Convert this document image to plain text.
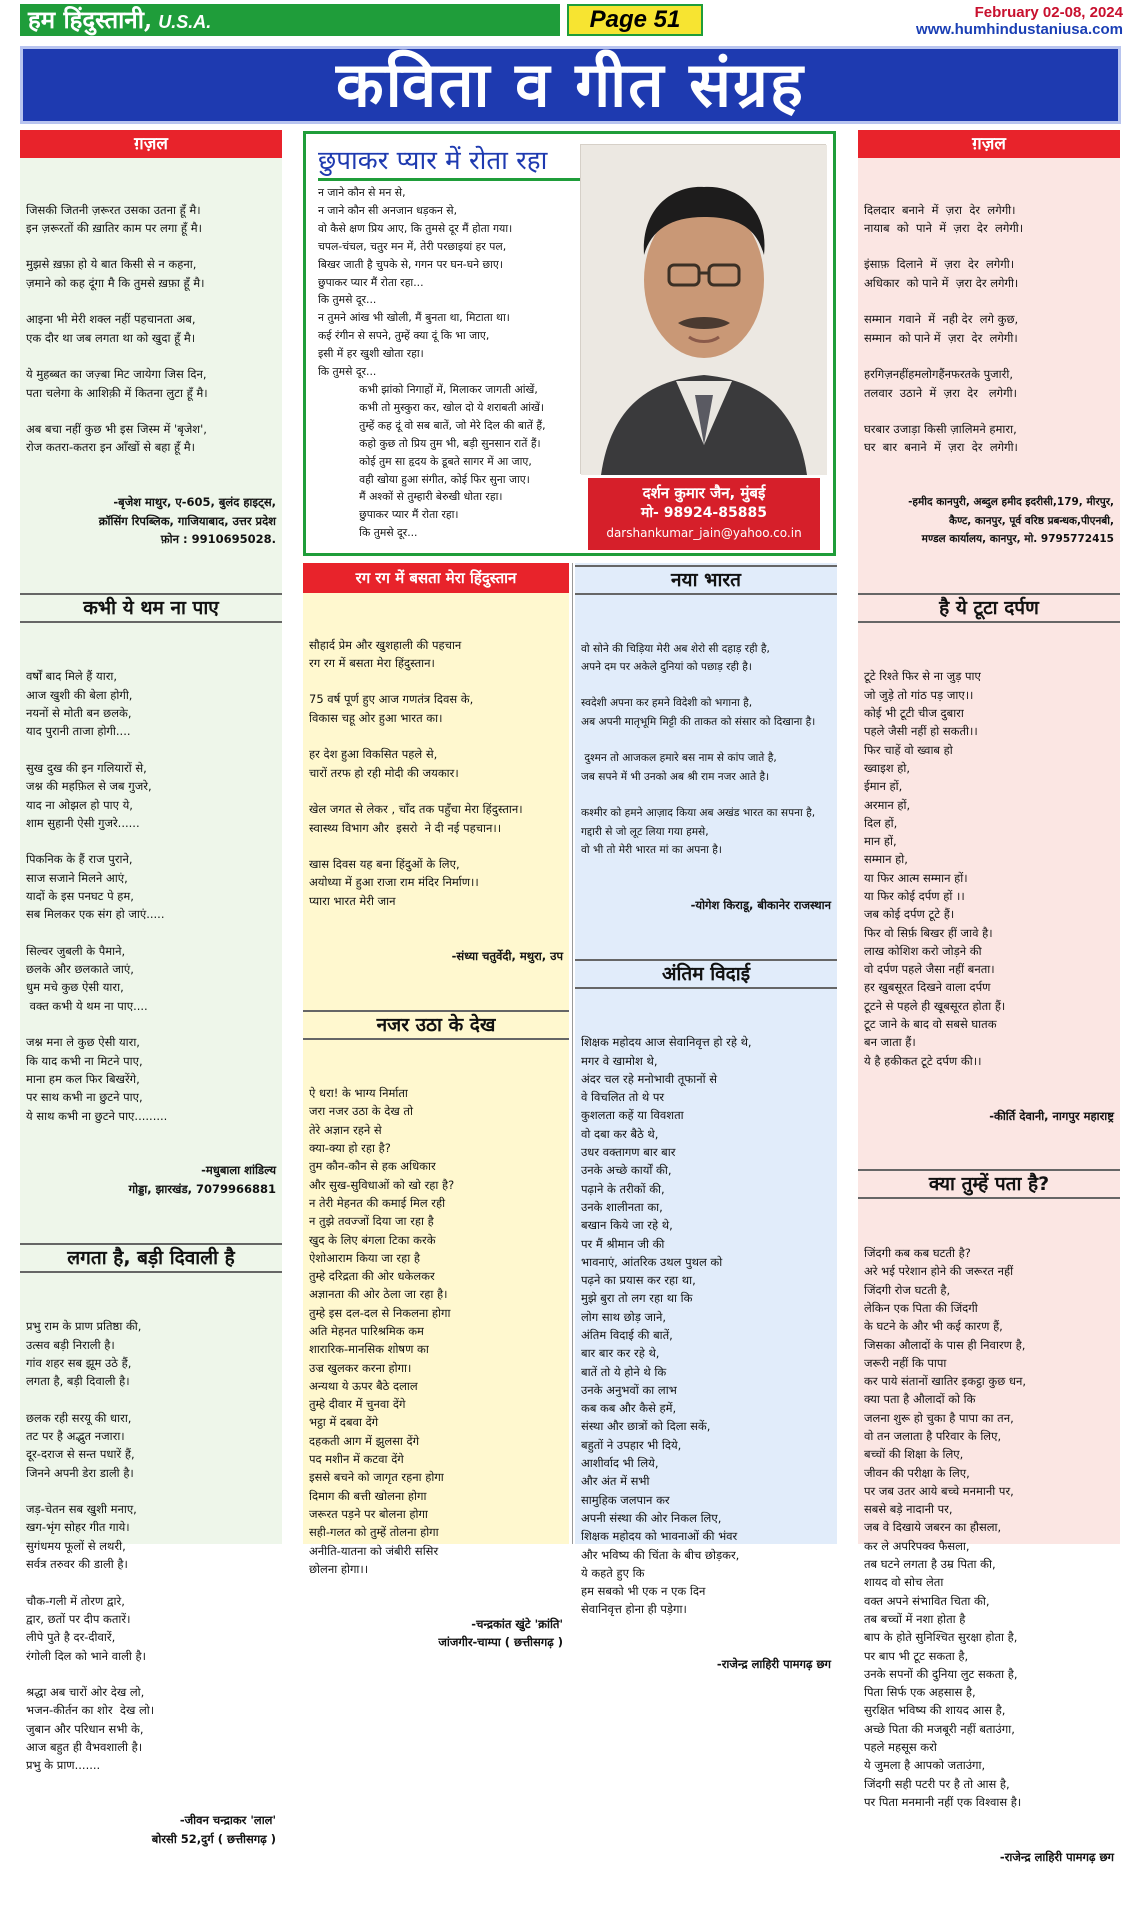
हम हिंदुस्तानी, U.S.A.	Page 51	February 02-08, 2024
www.humhindustaniusa.com
कविता व गीत संग्रह
ग़ज़ल

जिसकी जितनी ज़रूरत उसका उतना हूँ मै।
इन ज़रूरतों की ख़ातिर काम पर लगा हूँ मै।

मुझसे ख़फ़ा हो ये बात किसी से न कहना,
ज़माने को कह दूंगा मै कि तुमसे ख़फ़ा हूँ मै।

आइना भी मेरी शक्ल नहीं पहचानता अब,
एक दौर था जब लगता था को खुदा हूँ मै।

ये मुहब्बत का जज़्बा मिट जायेगा जिस दिन,
पता चलेगा के आशिक़ी में कितना लुटा हूँ मै।

अब बचा नहीं कुछ भी इस जिस्म में 'बृजेश',
रोज कतरा-कतरा इन आँखों से बहा हूँ मै।

-बृजेश माथुर, ए-605, बुलंद हाइट्स,
क्रॉसिंग रिपब्लिक, गाजियाबाद, उत्तर प्रदेश
फ़ोन : 9910695028.

कभी ये थम ना पाए

वर्षों बाद मिले हैं यारा,
आज खुशी की बेला होगी,
नयनों से मोती बन छलके,
याद पुरानी ताजा होगी....

सुख दुख की इन गलियारों से,
जश्न की महफ़िल से जब गुजरे,
याद ना ओझल हो पाए ये,
शाम सुहानी ऐसी गुजरे......

पिकनिक के हैं राज पुराने,
साज सजाने मिलने आएं,
यादों के इस पनघट पे हम,
सब मिलकर एक संग हो जाएं.....

सिल्वर जुबली के पैमाने,
छलके और छलकाते जाएं,
धुम मचे कुछ ऐसी यारा,
वक्त कभी ये थम ना पाए....

जश्न मना ले कुछ ऐसी यारा,
कि याद कभी ना मिटने पाए,
माना हम कल फिर बिखरेंगे,
पर साथ कभी ना छुटने पाए,
ये साथ कभी ना छुटने पाए.........

-मधुबाला शांडिल्य
गोड्डा, झारखंड, 7079966881

लगता है, बड़ी दिवाली है

प्रभु राम के प्राण प्रतिष्ठा की,
उत्सव बड़ी निराली है।
गांव शहर सब झूम उठे हैं,
लगता है, बड़ी दिवाली है।

छलक रही सरयू की धारा,
तट पर है अद्भुत नजारा।
दूर-दराज से सन्त पधारें हैं,
जिनने अपनी डेरा डाली है।

जड़-चेतन सब खुशी मनाए,
खग-भृंग सोहर गीत गाये।
सुगंधमय फूलों से लथरी,
सर्वत्र तरुवर की डाली है।

चौक-गली में तोरण द्वारे,
द्वार, छतों पर दीप कतारें।
लीपे पुते है दर-दीवारें,
रंगोली दिल को भाने वाली है।

श्रद्धा अब चारों ओर देख लो,
भजन-कीर्तन का शोर  देख लो।
जुबान और परिधान सभी के,
आज बहुत ही वैभवशाली है।
प्रभु के प्राण.......

-जीवन चन्द्राकर 'लाल'
बोरसी 52,दुर्ग ( छत्तीसगढ़ )

छुपाकर प्यार में रोता रहा
न जाने कौन से मन से,
न जाने कौन सी अनजान धड़कन से,
वो कैसे क्षण प्रिय आए, कि तुमसे दूर मैं होता गया।
चपल-चंचल, चतुर मन में, तेरी परछाइयां हर पल,
बिखर जाती है चुपके से, गगन पर घन-घने छाए।
छुपाकर प्यार मैं रोता रहा...
कि तुमसे दूर...
न तुमने आंख भी खोली, मैं बुनता था, मिटाता था।
कई रंगीन से सपने, तुम्हें क्या दूं कि भा जाए,
इसी में हर खुशी खोता रहा।
कि तुमसे दूर...
कभी झांको निगाहों में, मिलाकर जागती आंखें,
कभी तो मुस्कुरा कर, खोल दो ये शराबती आंखें।
तुम्हें कह दूं वो सब बातें, जो मेरे दिल की बातें हैं,
कहो कुछ तो प्रिय तुम भी, बड़ी सुनसान रातें हैं।
कोई तुम सा हृदय के डूबते सागर में आ जाए,
वही खोया हुआ संगीत, कोई फिर सुना जाए।
मैं अश्कों से तुम्हारी बेरुखी धोता रहा।
छुपाकर प्यार मैं रोता रहा।
कि तुमसे दूर...
दर्शन कुमार जैन, मुंबई
मो- 98924-85885
darshankumar_jain@yahoo.co.in
रग रग में बसता मेरा हिंदुस्तान

सौहार्द प्रेम और खुशहाली की पहचान
रग रग में बसता मेरा हिंदुस्तान।

75 वर्ष पूर्ण हुए आज गणतंत्र दिवस के,
विकास चहू ओर हुआ भारत का।

हर देश हुआ विकसित पहले से,
चारों तरफ हो रही मोदी की जयकार।

खेल जगत से लेकर , चाँद तक पहुँचा मेरा हिंदुस्तान।
स्वास्थ्य विभाग और  इसरो  ने दी नई पहचान।।

खास दिवस यह बना हिंदुओं के लिए,
अयोध्या में हुआ राजा राम मंदिर निर्माण।।
प्यारा भारत मेरी जान

-संध्या चतुर्वेदी, मथुरा, उप

नजर उठा के देख

ऐ धरा! के भाग्य निर्माता
जरा नजर उठा के देख तो
तेरे अज्ञान रहने से
क्या-क्या हो रहा है?
तुम कौन-कौन से हक अधिकार
और सुख-सुविधाओं को खो रहा है?
न तेरी मेहनत की कमाई मिल रही
न तुझे तवज्जों दिया जा रहा है
खुद के लिए बंगला टिका करके
ऐशोआराम किया जा रहा है
तुम्हे दरिद्रता की ओर धकेलकर
अज्ञानता की ओर ठेला जा रहा है।
तुम्हे इस दल-दल से निकलना होगा
अति मेहनत पारिश्रमिक कम
शारारिक-मानसिक शोषण का
उज्र खुलकर करना होगा।
अन्यथा ये ऊपर बैठे दलाल
तुम्हे दीवार में चुनवा देंगे
भट्ठा में दबवा देंगे
दहकती आग में झुलसा देंगे
पद मशीन में कटवा देंगे
इससे बचने को जागृत रहना होगा
दिमाग की बत्ती खोलना होगा
जरूरत पड़ने पर बोलना होगा
सही-गलत को तुम्हें तोलना होगा
अनीति-यातना को जंबीरी ससिर
छोलना होगा।।

-चन्द्रकांत खुंटे 'क्रांति'
जांजगीर-चाम्पा ( छत्तीसगढ़ )

नया भारत

वो सोने की चिड़िया मेरी अब शेरो सी दहाड़ रही है,
अपने दम पर अकेले दुनियां को पछाड़ रही है।

स्वदेशी अपना कर हमने विदेशी को भगाना है,
अब अपनी मातृभूमि मिट्टी की ताकत को संसार को दिखाना है।

दुश्मन तो आजकल हमारे बस नाम से कांप जाते है,
जब सपने में भी उनको अब श्री राम नजर आते है।

कश्मीर को हमने आज़ाद किया अब अखंड भारत का सपना है,
गद्दारी से जो लूट लिया गया हमसे,
वो भी तो मेरी भारत मां का अपना है।

-योगेश किराडू, बीकानेर राजस्थान

अंतिम विदाई

शिक्षक महोदय आज सेवानिवृत्त हो रहे थे,
मगर वे खामोश थे,
अंदर चल रहे मनोभावी तूफानों से
वे विचलित तो थे पर
कुशलता कहें या विवशता
वो दबा कर बैठे थे,
उधर वक्तागण बार बार
उनके अच्छे कार्यों की,
पढ़ाने के तरीकों की,
उनके शालीनता का,
बखान किये जा रहे थे,
पर मैं श्रीमान जी की
भावनाएं, आंतरिक उथल पुथल को
पढ़ने का प्रयास कर रहा था,
मुझे बुरा तो लग रहा था कि
लोग साथ छोड़ जाने,
अंतिम विदाई की बातें,
बार बार कर रहे थे,
बातें तो ये होने थे कि
उनके अनुभवों का लाभ
कब कब और कैसे हमें,
संस्था और छात्रों को दिला सकें,
बहुतों ने उपहार भी दिये,
आशीर्वाद भी लिये,
और अंत में सभी
सामुहिक जलपान कर
अपनी संस्था की ओर निकल लिए,
शिक्षक महोदय को भावनाओं की भंवर
और भविष्य की चिंता के बीच छोड़कर,
ये कहते हुए कि
हम सबको भी एक न एक दिन
सेवानिवृत्त होना ही पड़ेगा।

-राजेन्द्र लाहिरी पामगढ़ छग

ग़ज़ल

दिलदार  बनाने  में  ज़रा  देर  लगेगी।
नायाब  को  पाने  में  ज़रा  देर  लगेगी।

इंसाफ़  दिलाने  में  ज़रा  देर  लगेगी।
अधिकार  को पाने में  ज़रा देर लगेगी।

सम्मान  गवाने  में  नही देर  लगे कुछ,
सम्मान  को पाने में  ज़रा  देर  लगेगी।

हरगिज़नहींहमलोगहैंनफरतके पुजारी,
तलवार  उठाने  में  ज़रा  देर   लगेगी।

घरबार उजाड़ा किसी ज़ालिमने हमारा,
घर  बार  बनाने  में  ज़रा  देर  लगेगी।

-हमीद कानपुरी, अब्दुल हमीद इदरीसी,179, मीरपुर,
कैण्ट, कानपुर, पूर्व वरिष्ठ प्रबन्धक,पीएनबी,
मण्डल कार्यालय, कानपुर, मो. 9795772415

है ये टूटा दर्पण

टूटे रिश्ते फिर से ना जुड़ पाए
जो जुड़े तो गांठ पड़ जाए।।
कोई भी टूटी चीज दुबारा
पहले जैसी नहीं हो सकती।।
फिर चाहें वो ख्वाब हो
ख्वाइश हो,
ईमान हों,
अरमान हों,
दिल हों,
मान हों,
सम्मान हो,
या फिर आत्म सम्मान हों।
या फिर कोई दर्पण हों ।।
जब कोई दर्पण टूटे हैं।
फिर वो सिर्फ़ बिखर हीं जावे है।
लाख कोशिश करो जोड़ने की
वो दर्पण पहले जैसा नहीं बनता।
हर खुबसूरत दिखने वाला दर्पण
टूटने से पहले ही खूबसूरत होता हैं।
टूट जाने के बाद वो सबसे घातक
बन जाता हैं।
ये है हकीकत टूटे दर्पण की।।

-कीर्ति देवानी, नागपुर महाराष्ट्र

क्या तुम्हें पता है?

जिंदगी कब कब घटती है?
अरे भई परेशान होने की जरूरत नहीं
जिंदगी रोज घटती है,
लेकिन एक पिता की जिंदगी
के घटने के और भी कई कारण हैं,
जिसका औलादों के पास ही निवारण है,
जरूरी नहीं कि पापा
कर पाये संतानों खातिर इकट्ठा कुछ धन,
क्या पता है औलादों को कि
जलना शुरू हो चुका है पापा का तन,
वो तन जलाता है परिवार के लिए,
बच्चों की शिक्षा के लिए,
जीवन की परीक्षा के लिए,
पर जब उतर आये बच्चे मनमानी पर,
सबसे बड़े नादानी पर,
जब वे दिखाये जबरन का हौसला,
कर ले अपरिपक्व फैसला,
तब घटने लगता है उम्र पिता की,
शायद वो सोच लेता
वक्त अपने संभावित चिता की,
तब बच्चों में नशा होता है
बाप के होते सुनिश्चित सुरक्षा होता है,
पर बाप भी टूट सकता है,
उनके सपनों की दुनिया लुट सकता है,
पिता सिर्फ एक अहसास है,
सुरक्षित भविष्य की शायद आस है,
अच्छे पिता की मजबूरी नहीं बताउंगा,
पहले महसूस करो
ये जुमला है आपको जताउंगा,
जिंदगी सही पटरी पर है तो आस है,
पर पिता मनमानी नहीं एक विश्वास है।

-राजेन्द्र लाहिरी पामगढ़ छग
